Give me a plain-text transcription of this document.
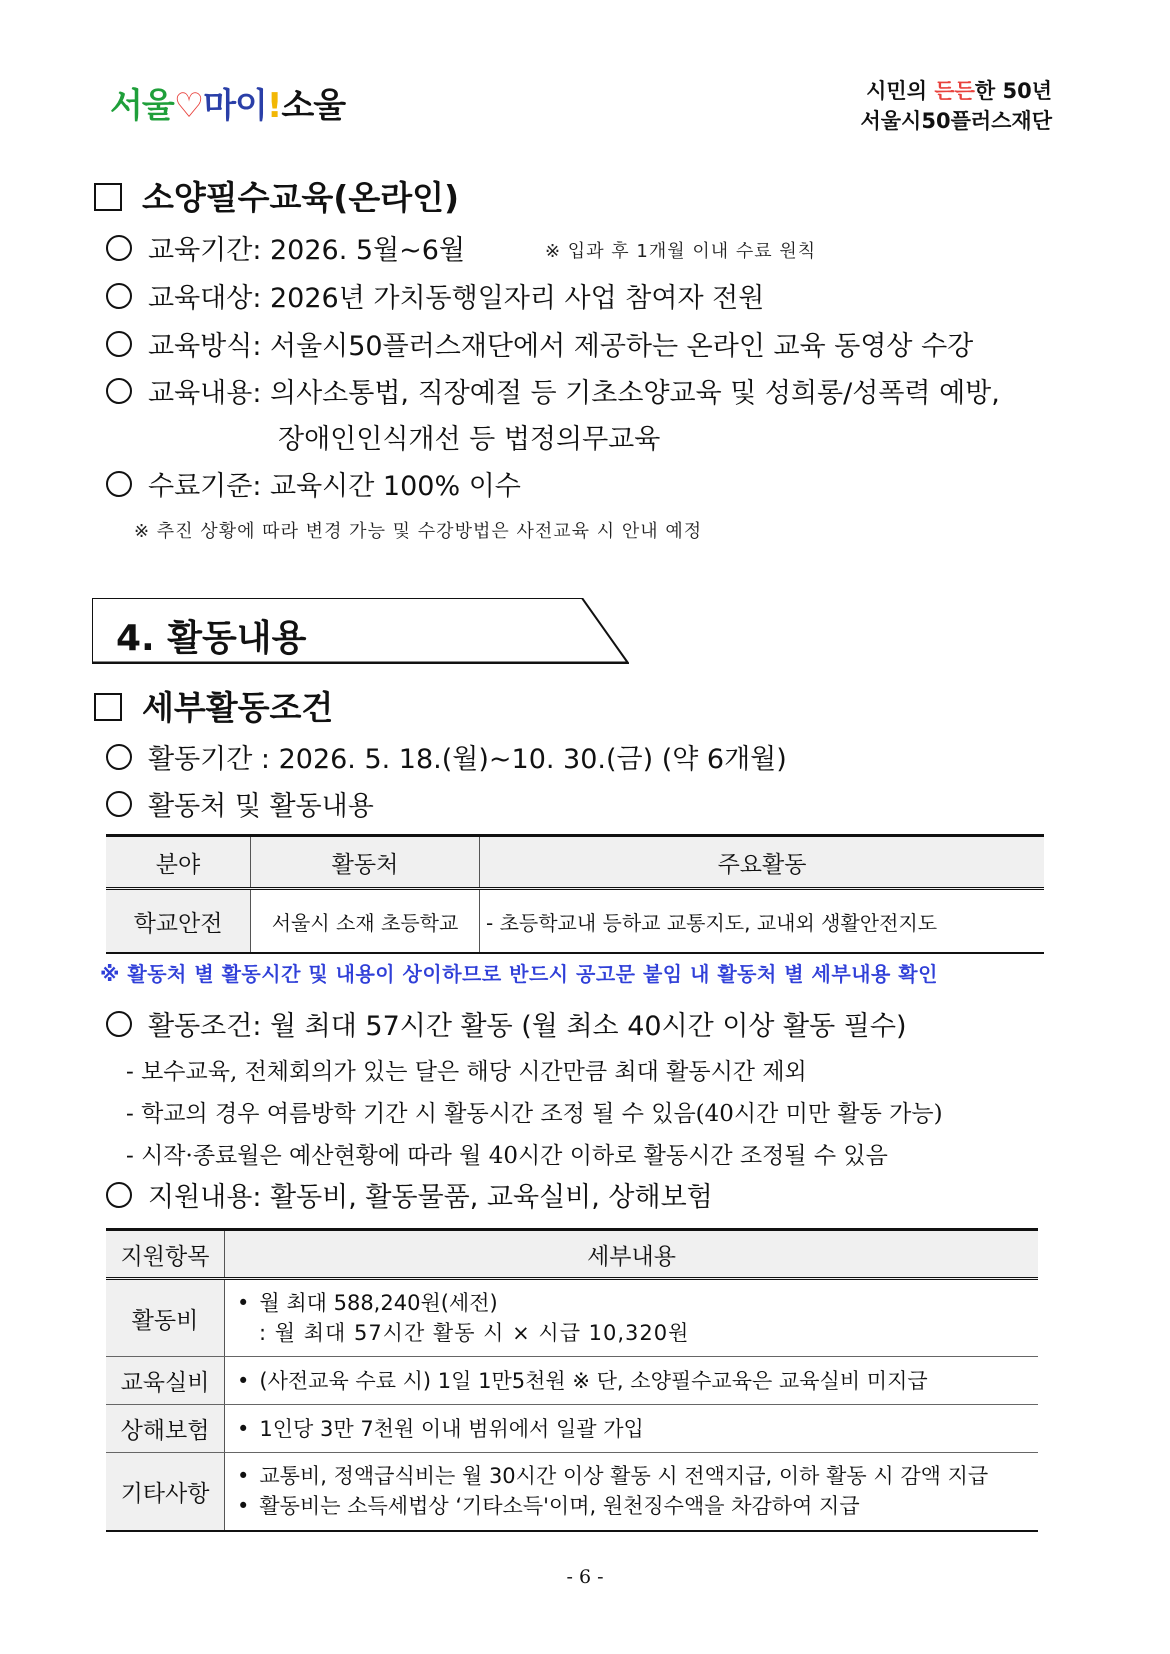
서울♡마이!소울	시민의 든든한 50년
서울시50플러스재단
소양필수교육(온라인)
교육기간: 2026. 5월~6월	※ 입과 후 1개월 이내 수료 원칙
교육대상: 2026년 가치동행일자리 사업 참여자 전원
교육방식: 서울시50플러스재단에서 제공하는 온라인 교육 동영상 수강
교육내용: 의사소통법, 직장예절 등 기초소양교육 및 성희롱/성폭력 예방,
장애인인식개선 등 법정의무교육
수료기준: 교육시간 100% 이수
※ 추진 상황에 따라 변경 가능 및 수강방법은 사전교육 시 안내 예정
4. 활동내용
세부활동조건
활동기간 : 2026. 5. 18.(월)~10. 30.(금) (약 6개월)
활동처 및 활동내용
분야	활동처	주요활동
학교안전	서울시 소재 초등학교	- 초등학교내 등하교 교통지도, 교내외 생활안전지도
※ 활동처 별 활동시간 및 내용이 상이하므로 반드시 공고문 붙임 내 활동처 별 세부내용 확인
활동조건: 월 최대 57시간 활동 (월 최소 40시간 이상 활동 필수)
- 보수교육, 전체회의가 있는 달은 해당 시간만큼 최대 활동시간 제외
- 학교의 경우 여름방학 기간 시 활동시간 조정 될 수 있음(40시간 미만 활동 가능)
- 시작·종료월은 예산현황에 따라 월 40시간 이하로 활동시간 조정될 수 있음
지원내용: 활동비, 활동물품, 교육실비, 상해보험
지원항목	세부내용
활동비	• 월 최대 588,240원(세전)
: 월 최대 57시간 활동 시 × 시급 10,320원

교육실비	• (사전교육 수료 시) 1일 1만5천원 ※ 단, 소양필수교육은 교육실비 미지급

상해보험	• 1인당 3만 7천원 이내 범위에서 일괄 가입

기타사항	• 교통비, 정액급식비는 월 30시간 이상 활동 시 전액지급, 이하 활동 시 감액 지급
• 활동비는 소득세법상 ‘기타소득'이며, 원천징수액을 차감하여 지급
- 6 -
